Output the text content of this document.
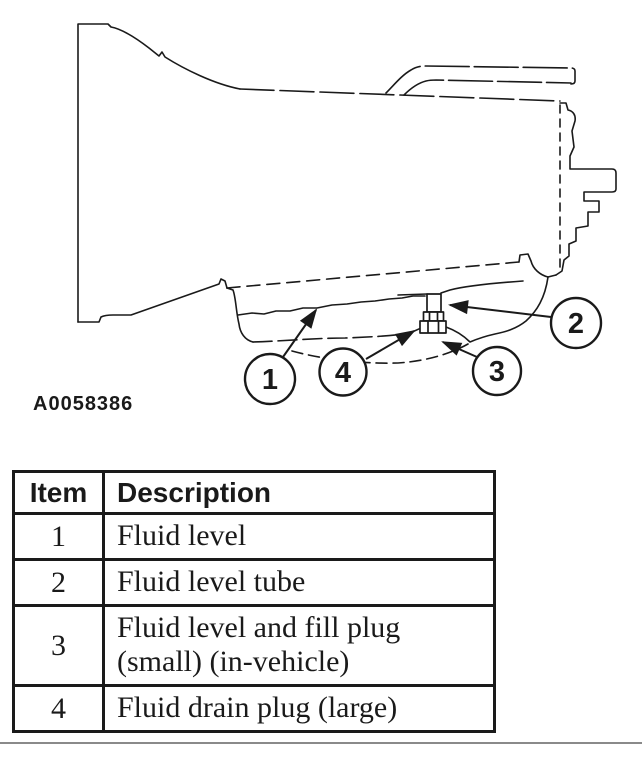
1 4	3
2
A0058386
Item	Description
1	Fluid level
2	Fluid level tube
3	Fluid level and fill plug (small) (in-vehicle)
4	Fluid drain plug (large)
